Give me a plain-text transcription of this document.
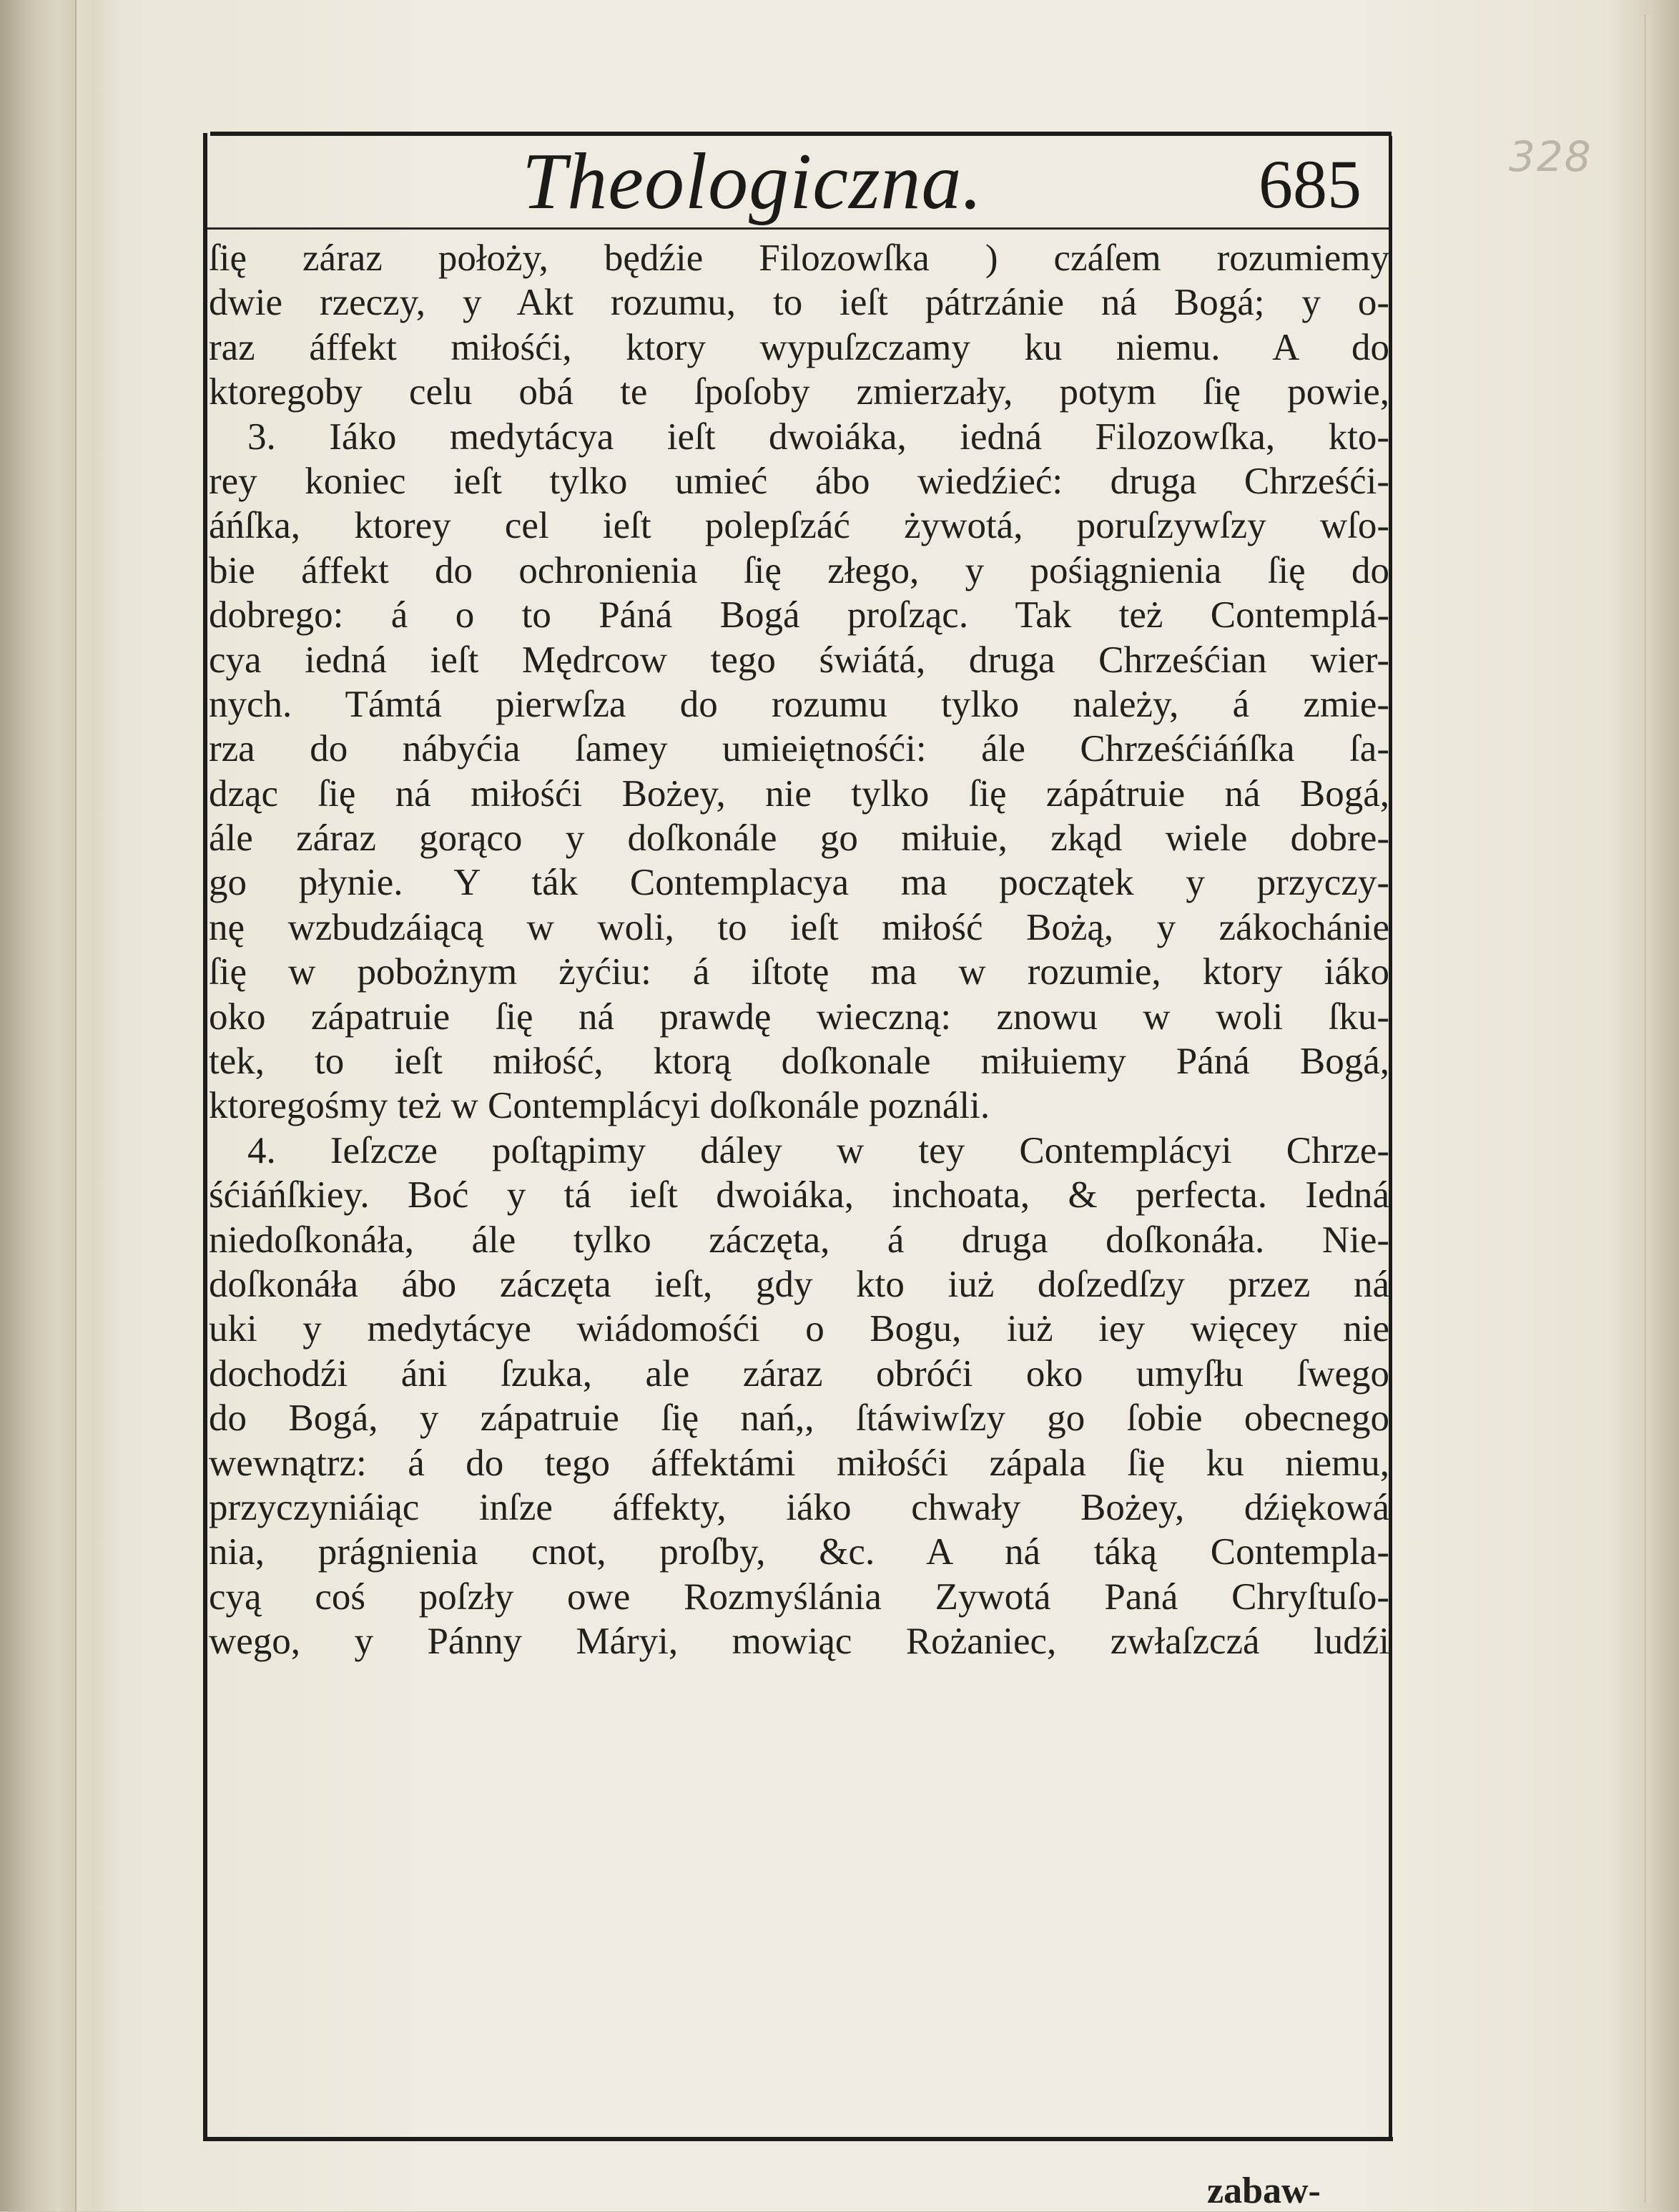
328
Theologiczna.	685
ſię záraz położy, będźie Filozowſka ) czáſem rozumiemy
dwie rzeczy, y Akt rozumu, to ieſt pátrzánie ná Bogá; y o-
raz áffekt miłośći, ktory wypuſzczamy ku niemu. A do
ktoregoby celu obá te ſpoſoby zmierzały, potym ſię powie,
3. Iáko medytácya ieſt dwoiáka, iedná Filozowſka, kto-
rey koniec ieſt tylko umieć ábo wiedźieć: druga Chrześći-
áńſka, ktorey cel ieſt polepſzáć żywotá, poruſzywſzy wſo-
bie áffekt do ochronienia ſię złego, y pośiągnienia ſię do
dobrego: á o to Páná Bogá proſząc. Tak też Contemplá-
cya iedná ieſt Mędrcow tego świátá, druga Chrześćian wier-
nych. Támtá pierwſza do rozumu tylko należy, á zmie-
rza do nábyćia ſamey umieiętnośći: ále Chrześćiáńſka ſa-
dząc ſię ná miłośći Bożey, nie tylko ſię zápátruie ná Bogá,
ále záraz gorąco y doſkonále go miłuie, zkąd wiele dobre-
go płynie. Y ták Contemplacya ma początek y przyczy-
nę wzbudzáiącą w woli, to ieſt miłość Bożą, y zákochánie
ſię w pobożnym żyćiu: á iſtotę ma w rozumie, ktory iáko
oko zápatruie ſię ná prawdę wieczną: znowu w woli ſku-
tek, to ieſt miłość, ktorą doſkonale miłuiemy Páná Bogá,
ktoregośmy też w Contemplácyi doſkonále poználi.
4. Ieſzcze poſtąpimy dáley w tey Contemplácyi Chrze-
śćiáńſkiey. Boć y tá ieſt dwoiáka, inchoata, & perfecta. Iedná
niedoſkonáła, ále tylko záczęta, á druga doſkonáła. Nie-
doſkonáła ábo záczęta ieſt, gdy kto iuż doſzedſzy przez ná
uki y medytácye wiádomośći o Bogu, iuż iey więcey nie
dochodźi áni ſzuka, ale záraz obróći oko umyſłu ſwego
do Bogá, y zápatruie ſię nań,, ſtáwiwſzy go ſobie obecnego
wewnątrz: á do tego áffektámi miłośći zápala ſię ku niemu,
przyczyniáiąc inſze áffekty, iáko chwały Bożey, dźiękowá
nia, prágnienia cnot, proſby, &c. A ná táką Contempla-
cyą coś poſzły owe Rozmyślánia Zywotá Paná Chryſtuſo-
wego, y Pánny Máryi, mowiąc Rożaniec, zwłaſzczá ludźi
zabaw-
